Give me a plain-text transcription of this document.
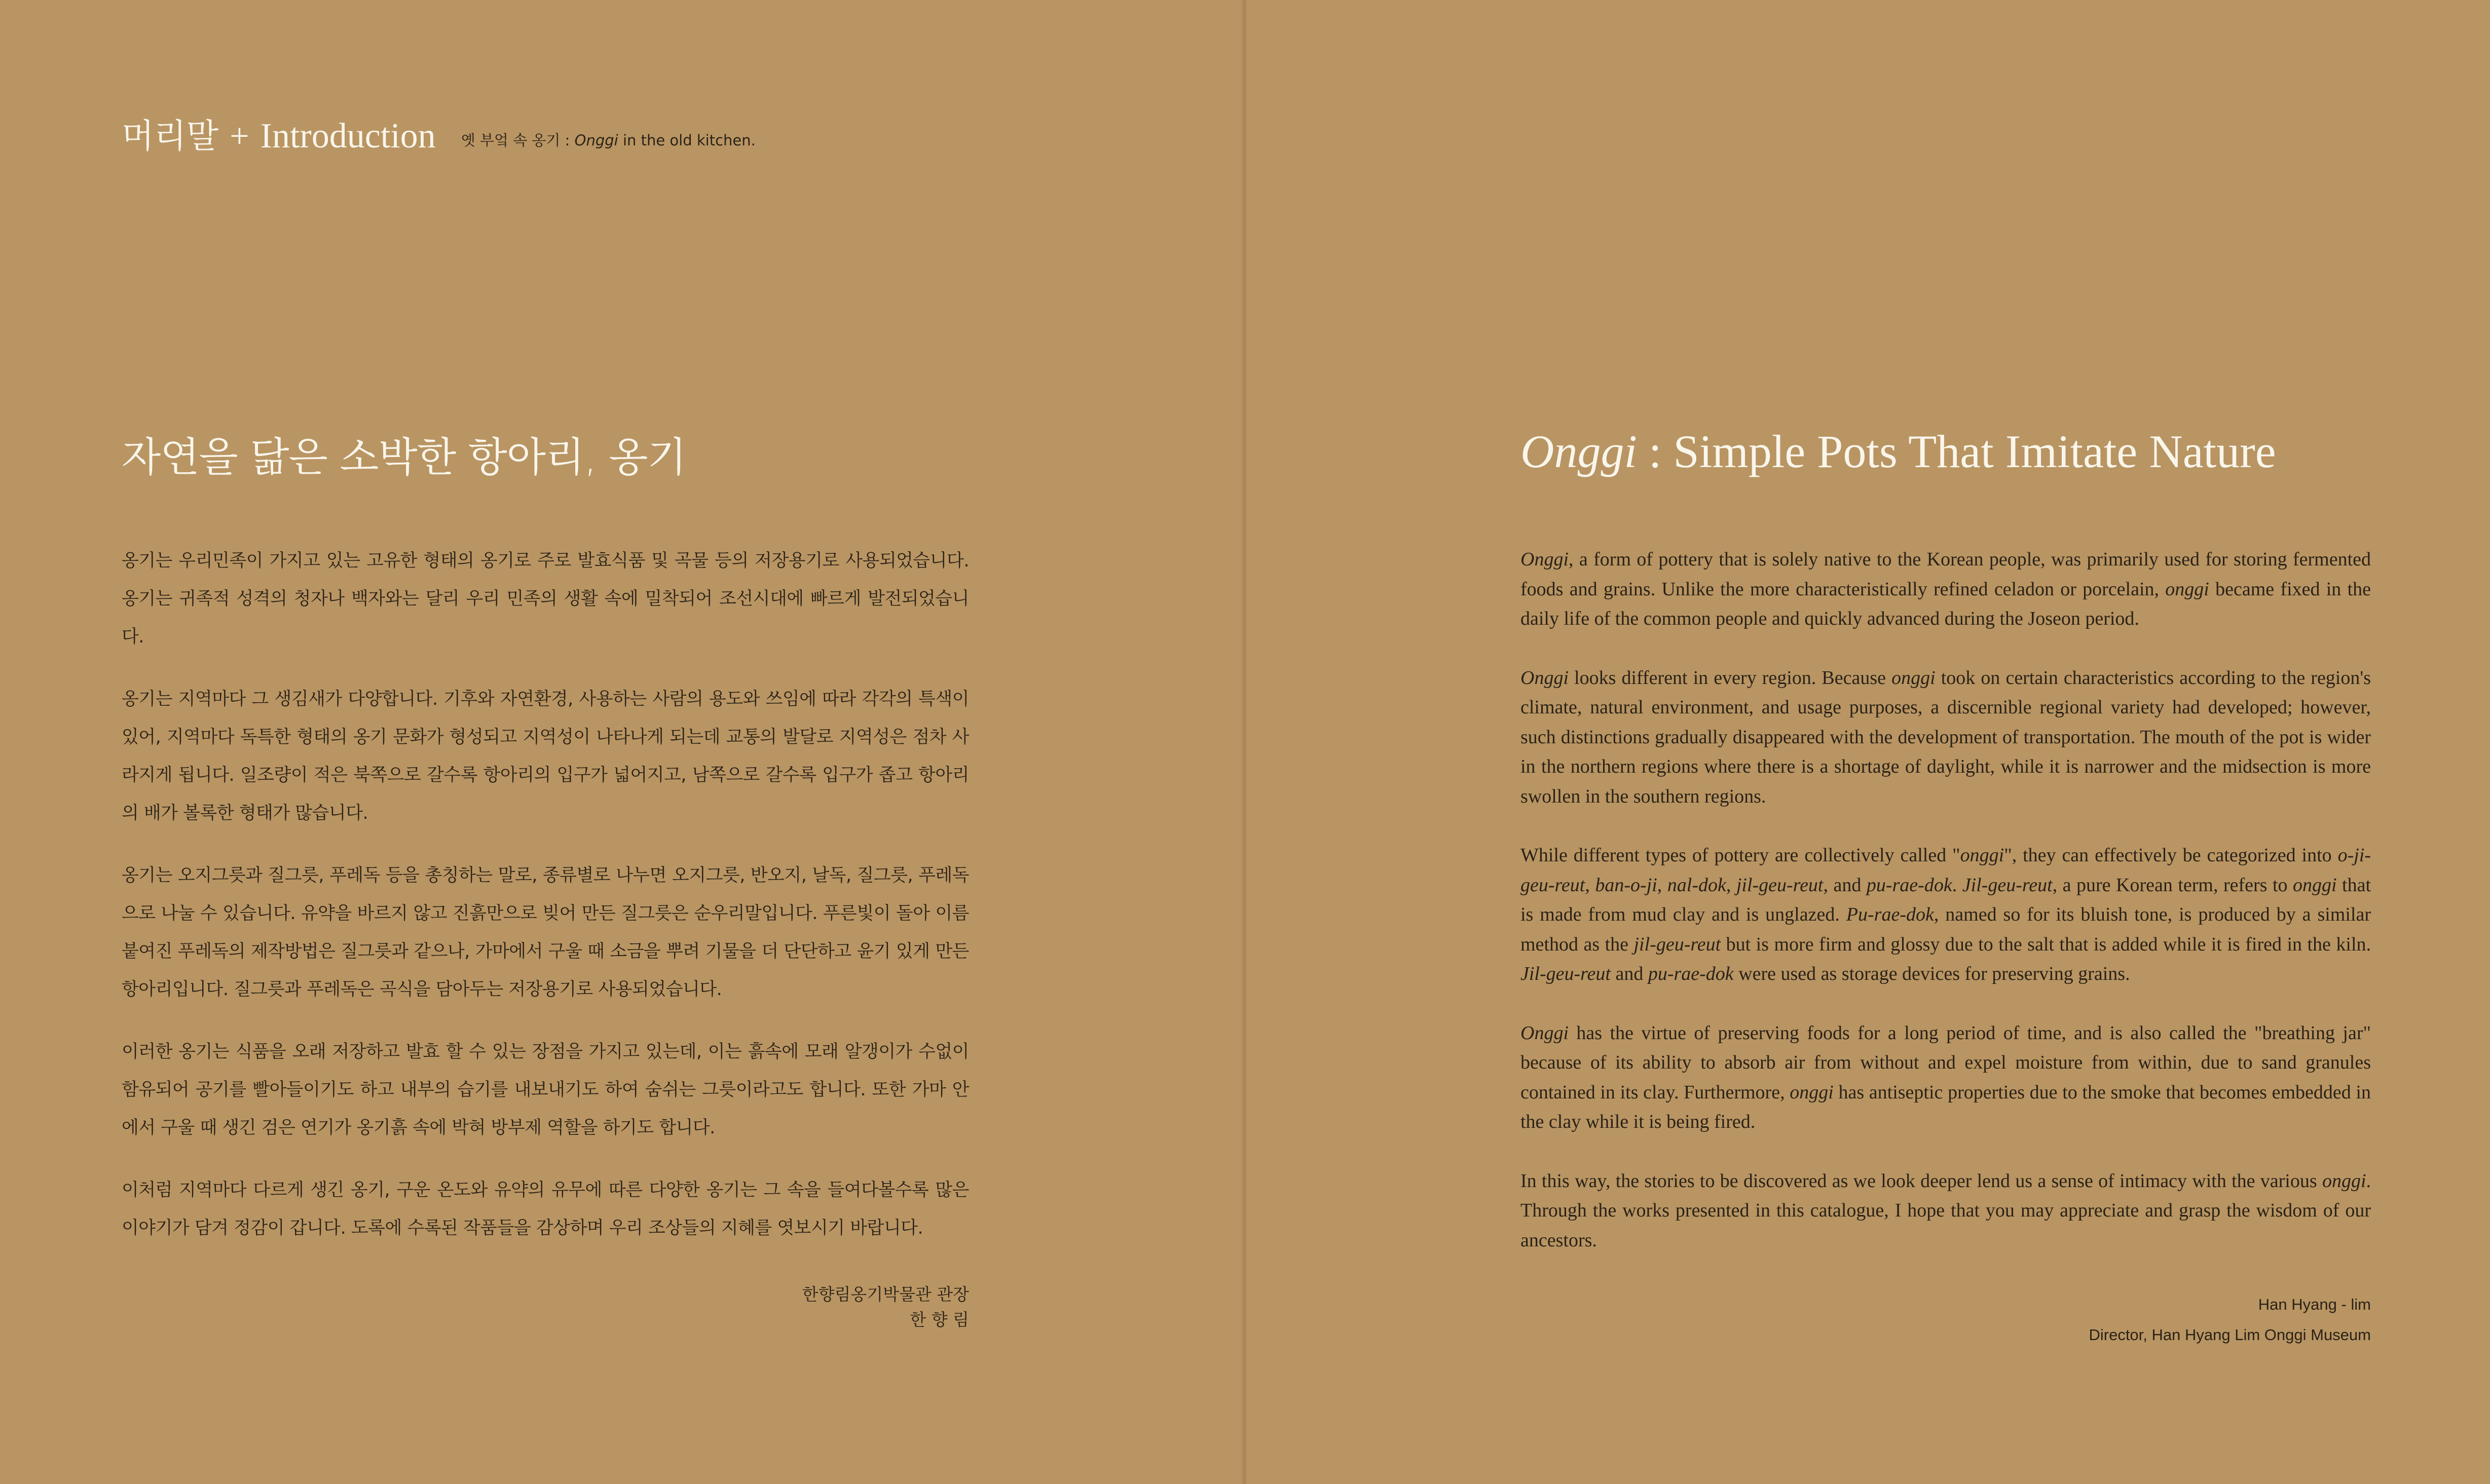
머리말 + Introduction 옛 부엌 속 옹기 : Onggi in the old kitchen.
자연을 닮은 소박한 항아리, 옹기

옹기는 우리민족이 가지고 있는 고유한 형태의 옹기로 주로 발효식품 및 곡물 등의 저장용기로 사용되었습니다. 옹기는 귀족적 성격의 청자나 백자와는 달리 우리 민족의 생활 속에 밀착되어 조선시대에 빠르게 발전되었습니다.

옹기는 지역마다 그 생김새가 다양합니다. 기후와 자연환경, 사용하는 사람의 용도와 쓰임에 따라 각각의 특색이 있어, 지역마다 독특한 형태의 옹기 문화가 형성되고 지역성이 나타나게 되는데 교통의 발달로 지역성은 점차 사라지게 됩니다. 일조량이 적은 북쪽으로 갈수록 항아리의 입구가 넓어지고, 남쪽으로 갈수록 입구가 좁고 항아리의 배가 볼록한 형태가 많습니다.

옹기는 오지그릇과 질그릇, 푸레독 등을 총칭하는 말로, 종류별로 나누면 오지그릇, 반오지, 날독, 질그릇, 푸레독으로 나눌 수 있습니다. 유약을 바르지 않고 진흙만으로 빚어 만든 질그릇은 순우리말입니다. 푸른빛이 돌아 이름 붙여진 푸레독의 제작방법은 질그릇과 같으나, 가마에서 구울 때 소금을 뿌려 기물을 더 단단하고 윤기 있게 만든 항아리입니다. 질그릇과 푸레독은 곡식을 담아두는 저장용기로 사용되었습니다.

이러한 옹기는 식품을 오래 저장하고 발효 할 수 있는 장점을 가지고 있는데, 이는 흙속에 모래 알갱이가 수없이 함유되어 공기를 빨아들이기도 하고 내부의 습기를 내보내기도 하여 숨쉬는 그릇이라고도 합니다. 또한 가마 안에서 구울 때 생긴 검은 연기가 옹기흙 속에 박혀 방부제 역할을 하기도 합니다.

이처럼 지역마다 다르게 생긴 옹기, 구운 온도와 유약의 유무에 따른 다양한 옹기는 그 속을 들여다볼수록 많은 이야기가 담겨 정감이 갑니다. 도록에 수록된 작품들을 감상하며 우리 조상들의 지혜를 엿보시기 바랍니다.

한향림옹기박물관 관장
한 향 림
Onggi : Simple Pots That Imitate Nature

Onggi, a form of pottery that is solely native to the Korean people, was primarily used for storing fermented foods and grains. Unlike the more characteristically refined celadon or porcelain, onggi became fixed in the daily life of the common people and quickly advanced during the Joseon period.

Onggi looks different in every region. Because onggi took on certain characteristics according to the region's climate, natural environment, and usage purposes, a discernible regional variety had developed; however, such distinctions gradually disappeared with the development of transportation. The mouth of the pot is wider in the northern regions where there is a shortage of daylight, while it is narrower and the midsection is more swollen in the southern regions.

While different types of pottery are collectively called "onggi", they can effectively be categorized into o-ji-geu-reut, ban-o-ji, nal-dok, jil-geu-reut, and pu-rae-dok. Jil-geu-reut, a pure Korean term, refers to onggi that is made from mud clay and is unglazed. Pu-rae-dok, named so for its bluish tone, is produced by a similar method as the jil-geu-reut but is more firm and glossy due to the salt that is added while it is fired in the kiln. Jil-geu-reut and pu-rae-dok were used as storage devices for preserving grains.

Onggi has the virtue of preserving foods for a long period of time, and is also called the "breathing jar" because of its ability to absorb air from without and expel moisture from within, due to sand granules contained in its clay. Furthermore, onggi has antiseptic properties due to the smoke that becomes embedded in the clay while it is being fired.

In this way, the stories to be discovered as we look deeper lend us a sense of intimacy with the various onggi. Through the works presented in this catalogue, I hope that you may appreciate and grasp the wisdom of our ancestors.

Han Hyang - lim
Director, Han Hyang Lim Onggi Museum
